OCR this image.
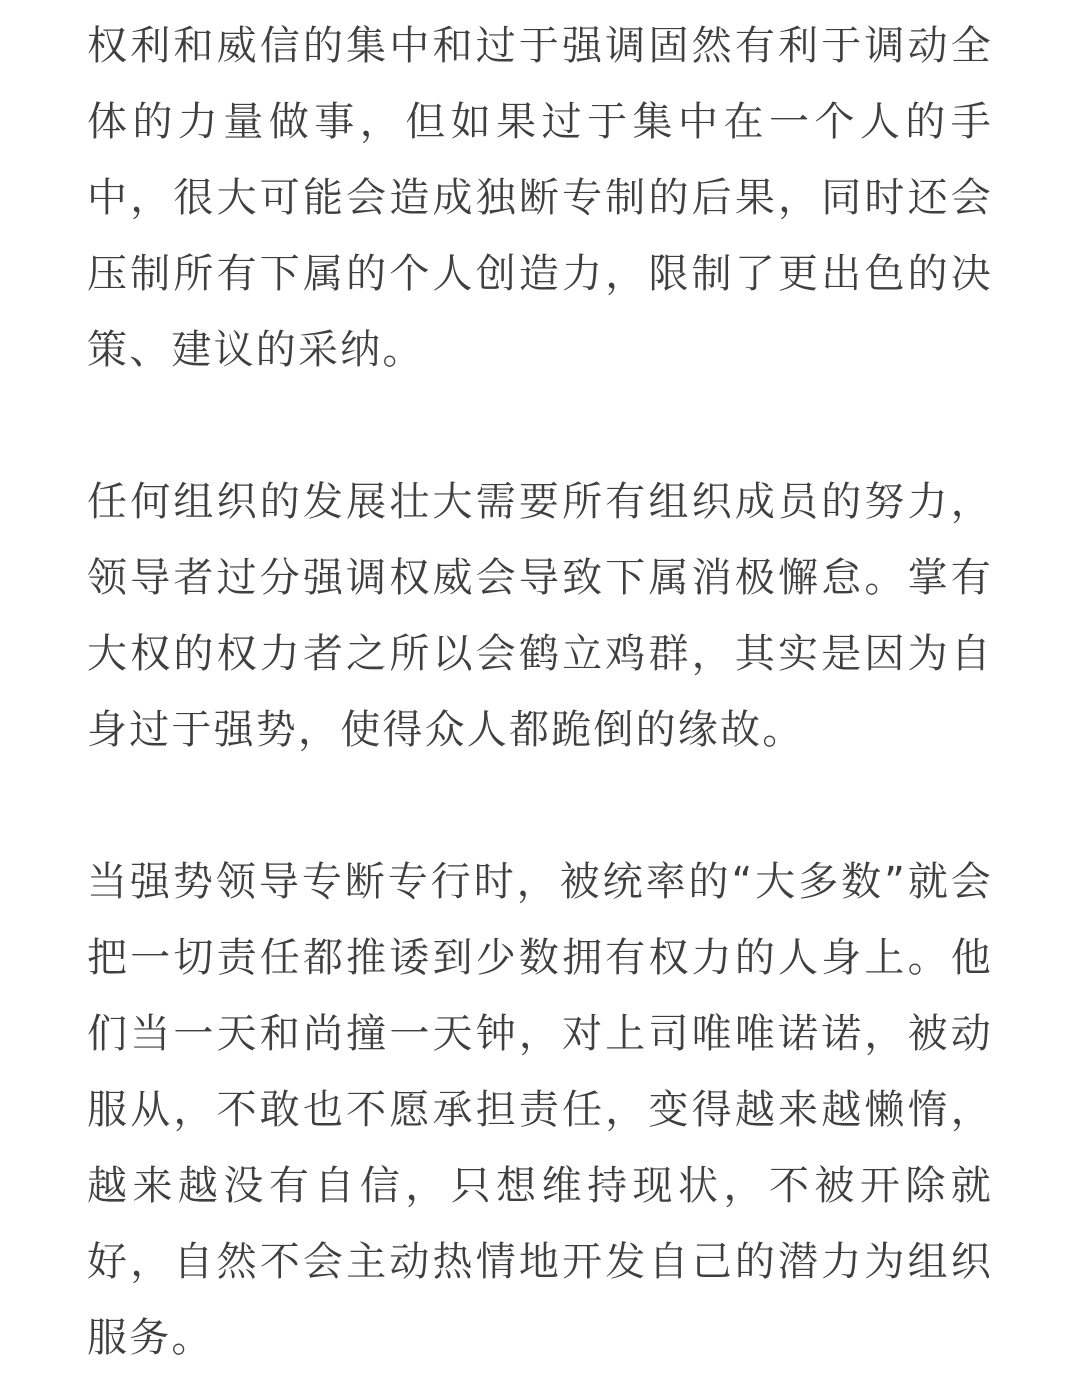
权利和威信的集中和过于强调固然有利于调动全体的力量做事，但如果过于集中在一个人的手中，很大可能会造成独断专制的后果，同时还会压制所有下属的个人创造力，限制了更出色的决策、建议的采纳。

任何组织的发展壮大需要所有组织成员的努力，领导者过分强调权威会导致下属消极懈怠。掌有大权的权力者之所以会鹤立鸡群，其实是因为自身过于强势，使得众人都跪倒的缘故。

当强势领导专断专行时，被统率的“大多数”就会把一切责任都推诿到少数拥有权力的人身上。他们当一天和尚撞一天钟，对上司唯唯诺诺，被动服从，不敢也不愿承担责任，变得越来越懒惰，越来越没有自信，只想维持现状，不被开除就好，自然不会主动热情地开发自己的潜力为组织服务。
